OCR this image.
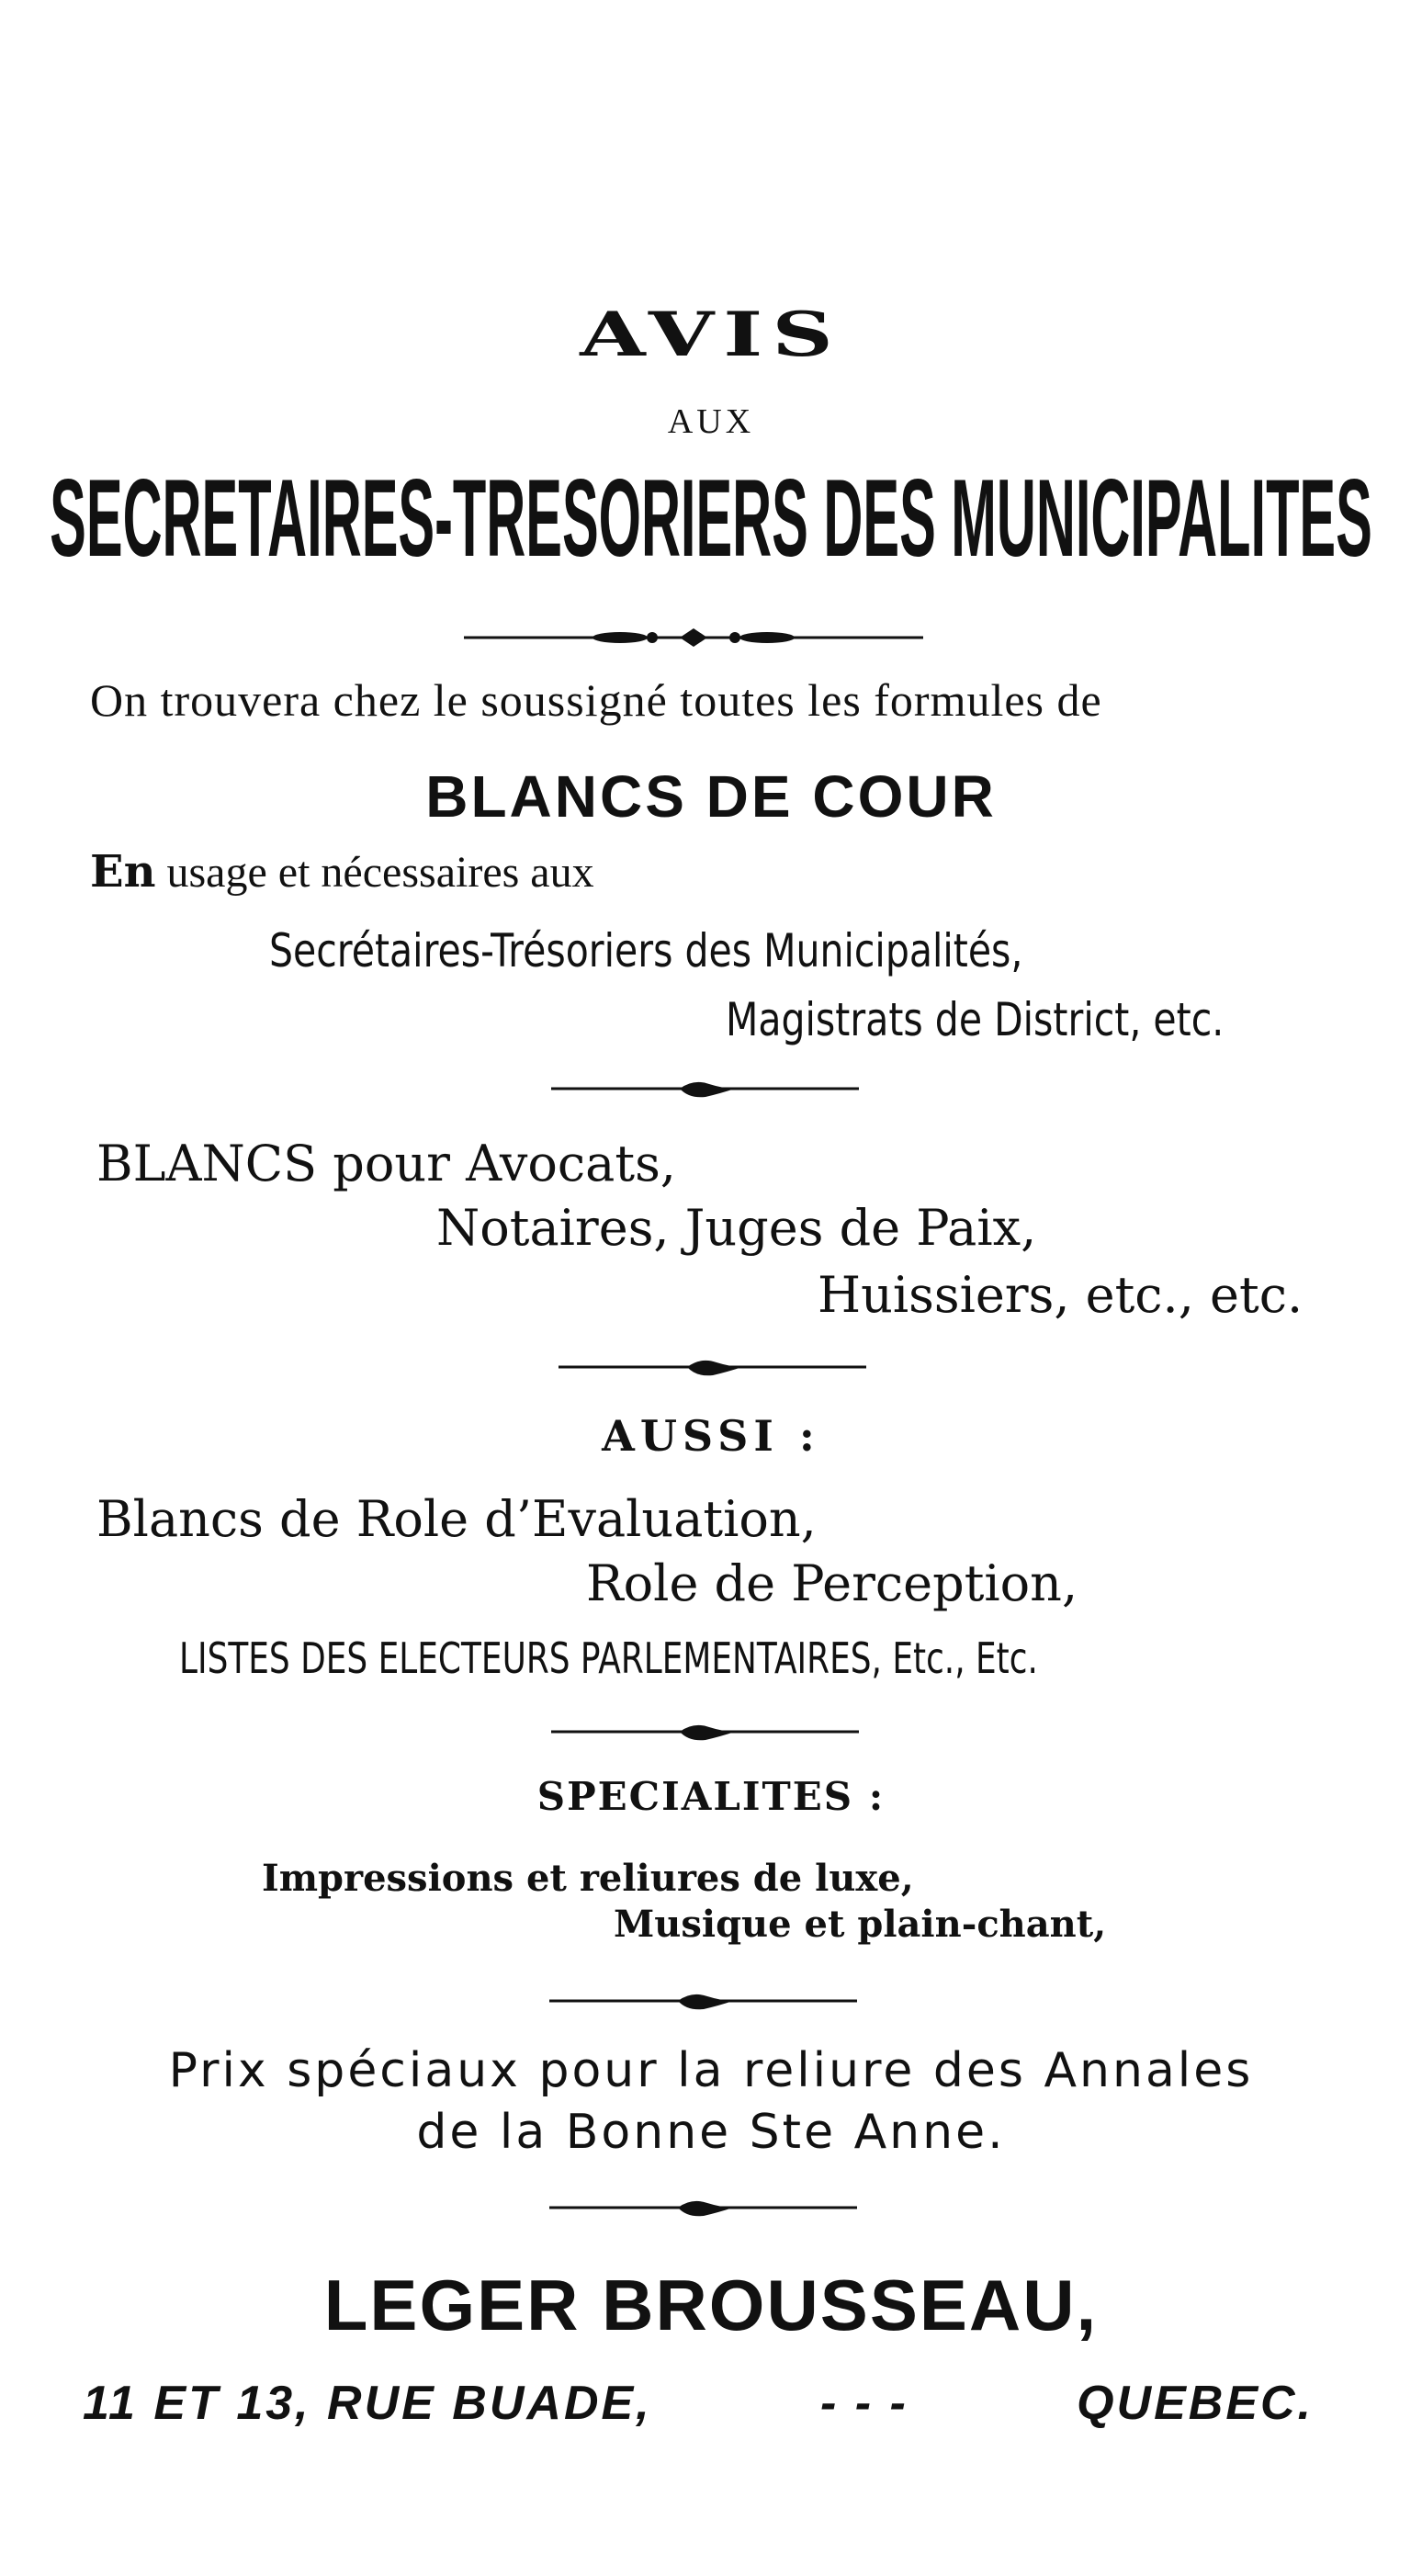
AVIS
AUX
SECRETAIRES-TRESORIERS DES MUNICIPALITES
On trouvera chez le soussigné toutes les formules de
BLANCS DE COUR
En usage et nécessaires aux
Secrétaires-Trésoriers des Municipalités,
Magistrats de District, etc.
BLANCS pour Avocats,
Notaires, Juges de Paix,
Huissiers, etc., etc.
AUSSI :
Blancs de Role d’Evaluation,
Role de Perception,
LISTES DES ELECTEURS PARLEMENTAIRES, Etc., Etc.
SPECIALITES :
Impressions et reliures de luxe,
Musique et plain-chant,
Prix spéciaux pour la reliure des Annales
de la Bonne Ste Anne.
LEGER BROUSSEAU,
11 ET 13, RUE BUADE,	- - -	QUEBEC.
